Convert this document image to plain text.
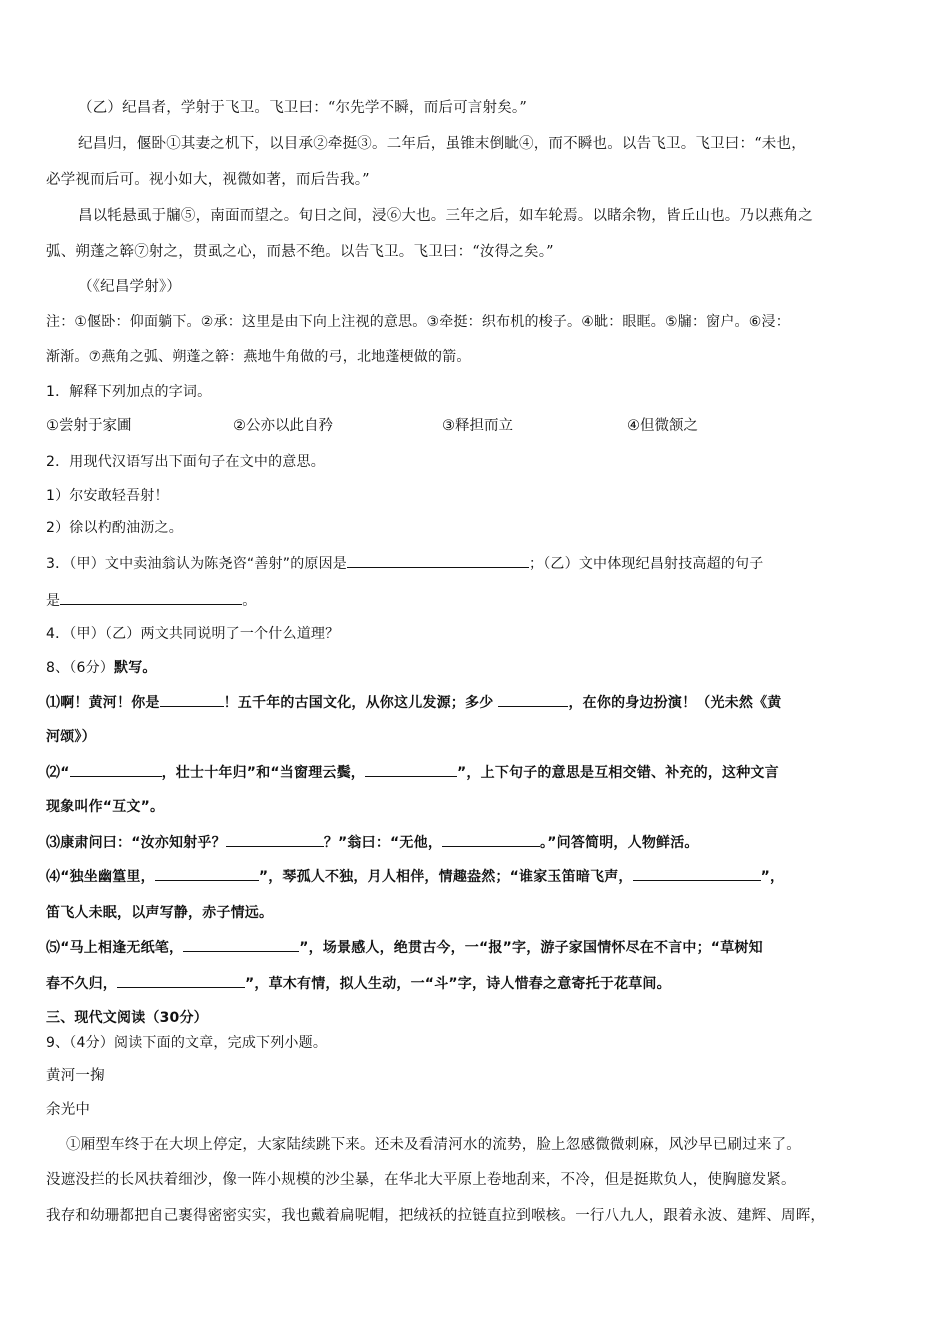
（乙）纪昌者，学射于飞卫。飞卫曰：“尔先学不瞬，而后可言射矣。”
纪昌归，偃卧①其妻之机下，以目承②牵挺③。二年后，虽锥末倒眦④，而不瞬也。以告飞卫。飞卫曰：“未也，
必学视而后可。视小如大，视微如著，而后告我。”
昌以牦悬虱于牖⑤，南面而望之。旬日之间，浸⑥大也。三年之后，如车轮焉。以睹余物，皆丘山也。乃以燕角之
弧、朔蓬之簳⑦射之，贯虱之心，而悬不绝。以告飞卫。飞卫曰：“汝得之矣。”
（《纪昌学射》）
注：①偃卧：仰面躺下。②承：这里是由下向上注视的意思。③牵挺：织布机的梭子。④眦：眼眶。⑤牖：窗户。⑥浸：
渐渐。⑦燕角之弧、朔蓬之簳：燕地牛角做的弓，北地蓬梗做的箭。
1．解释下列加点的字词。
①尝射于家圃	②公亦以此自矜	③释担而立	④但微颔之
2．用现代汉语写出下面句子在文中的意思。
1）尔安敢轻吾射！
2）徐以杓酌油沥之。
3．（甲）文中卖油翁认为陈尧咨“善射”的原因是	；（乙）文中体现纪昌射技高超的句子
是	。
4．（甲）（乙）两文共同说明了一个什么道理？
8、（6分）默写。
⑴啊！黄河！你是	！五千年的古国文化，从你这儿发源；多少	，在你的身边扮演！（光未然《黄
河颂》）
⑵“	，壮士十年归”和“当窗理云鬓，	”，上下句子的意思是互相交错、补充的，这种文言
现象叫作“互文”。
⑶康肃问曰：“汝亦知射乎？	？”翁曰：“无他，	。”问答简明，人物鲜活。
⑷“独坐幽篁里，	”，琴孤人不独，月人相伴，情趣盎然；“谁家玉笛暗飞声，	”，
笛飞人未眠，以声写静，赤子情远。
⑸“马上相逢无纸笔，	”，场景感人，绝贯古今，一“报”字，游子家国情怀尽在不言中；“草树知
春不久归，	”，草木有情，拟人生动，一“斗”字，诗人惜春之意寄托于花草间。
三、现代文阅读（30分）
9、（4分）阅读下面的文章，完成下列小题。
黄河一掬
余光中
①厢型车终于在大坝上停定，大家陆续跳下来。还未及看清河水的流势，脸上忽感微微刺麻，风沙早已刷过来了。
没遮没拦的长风扶着细沙，像一阵小规模的沙尘暴，在华北大平原上卷地刮来，不冷，但是挺欺负人，使胸臆发紧。
我存和幼珊都把自己裹得密密实实，我也戴着扁呢帽，把绒袄的拉链直拉到喉核。一行八九人，跟着永波、建辉、周晖，
